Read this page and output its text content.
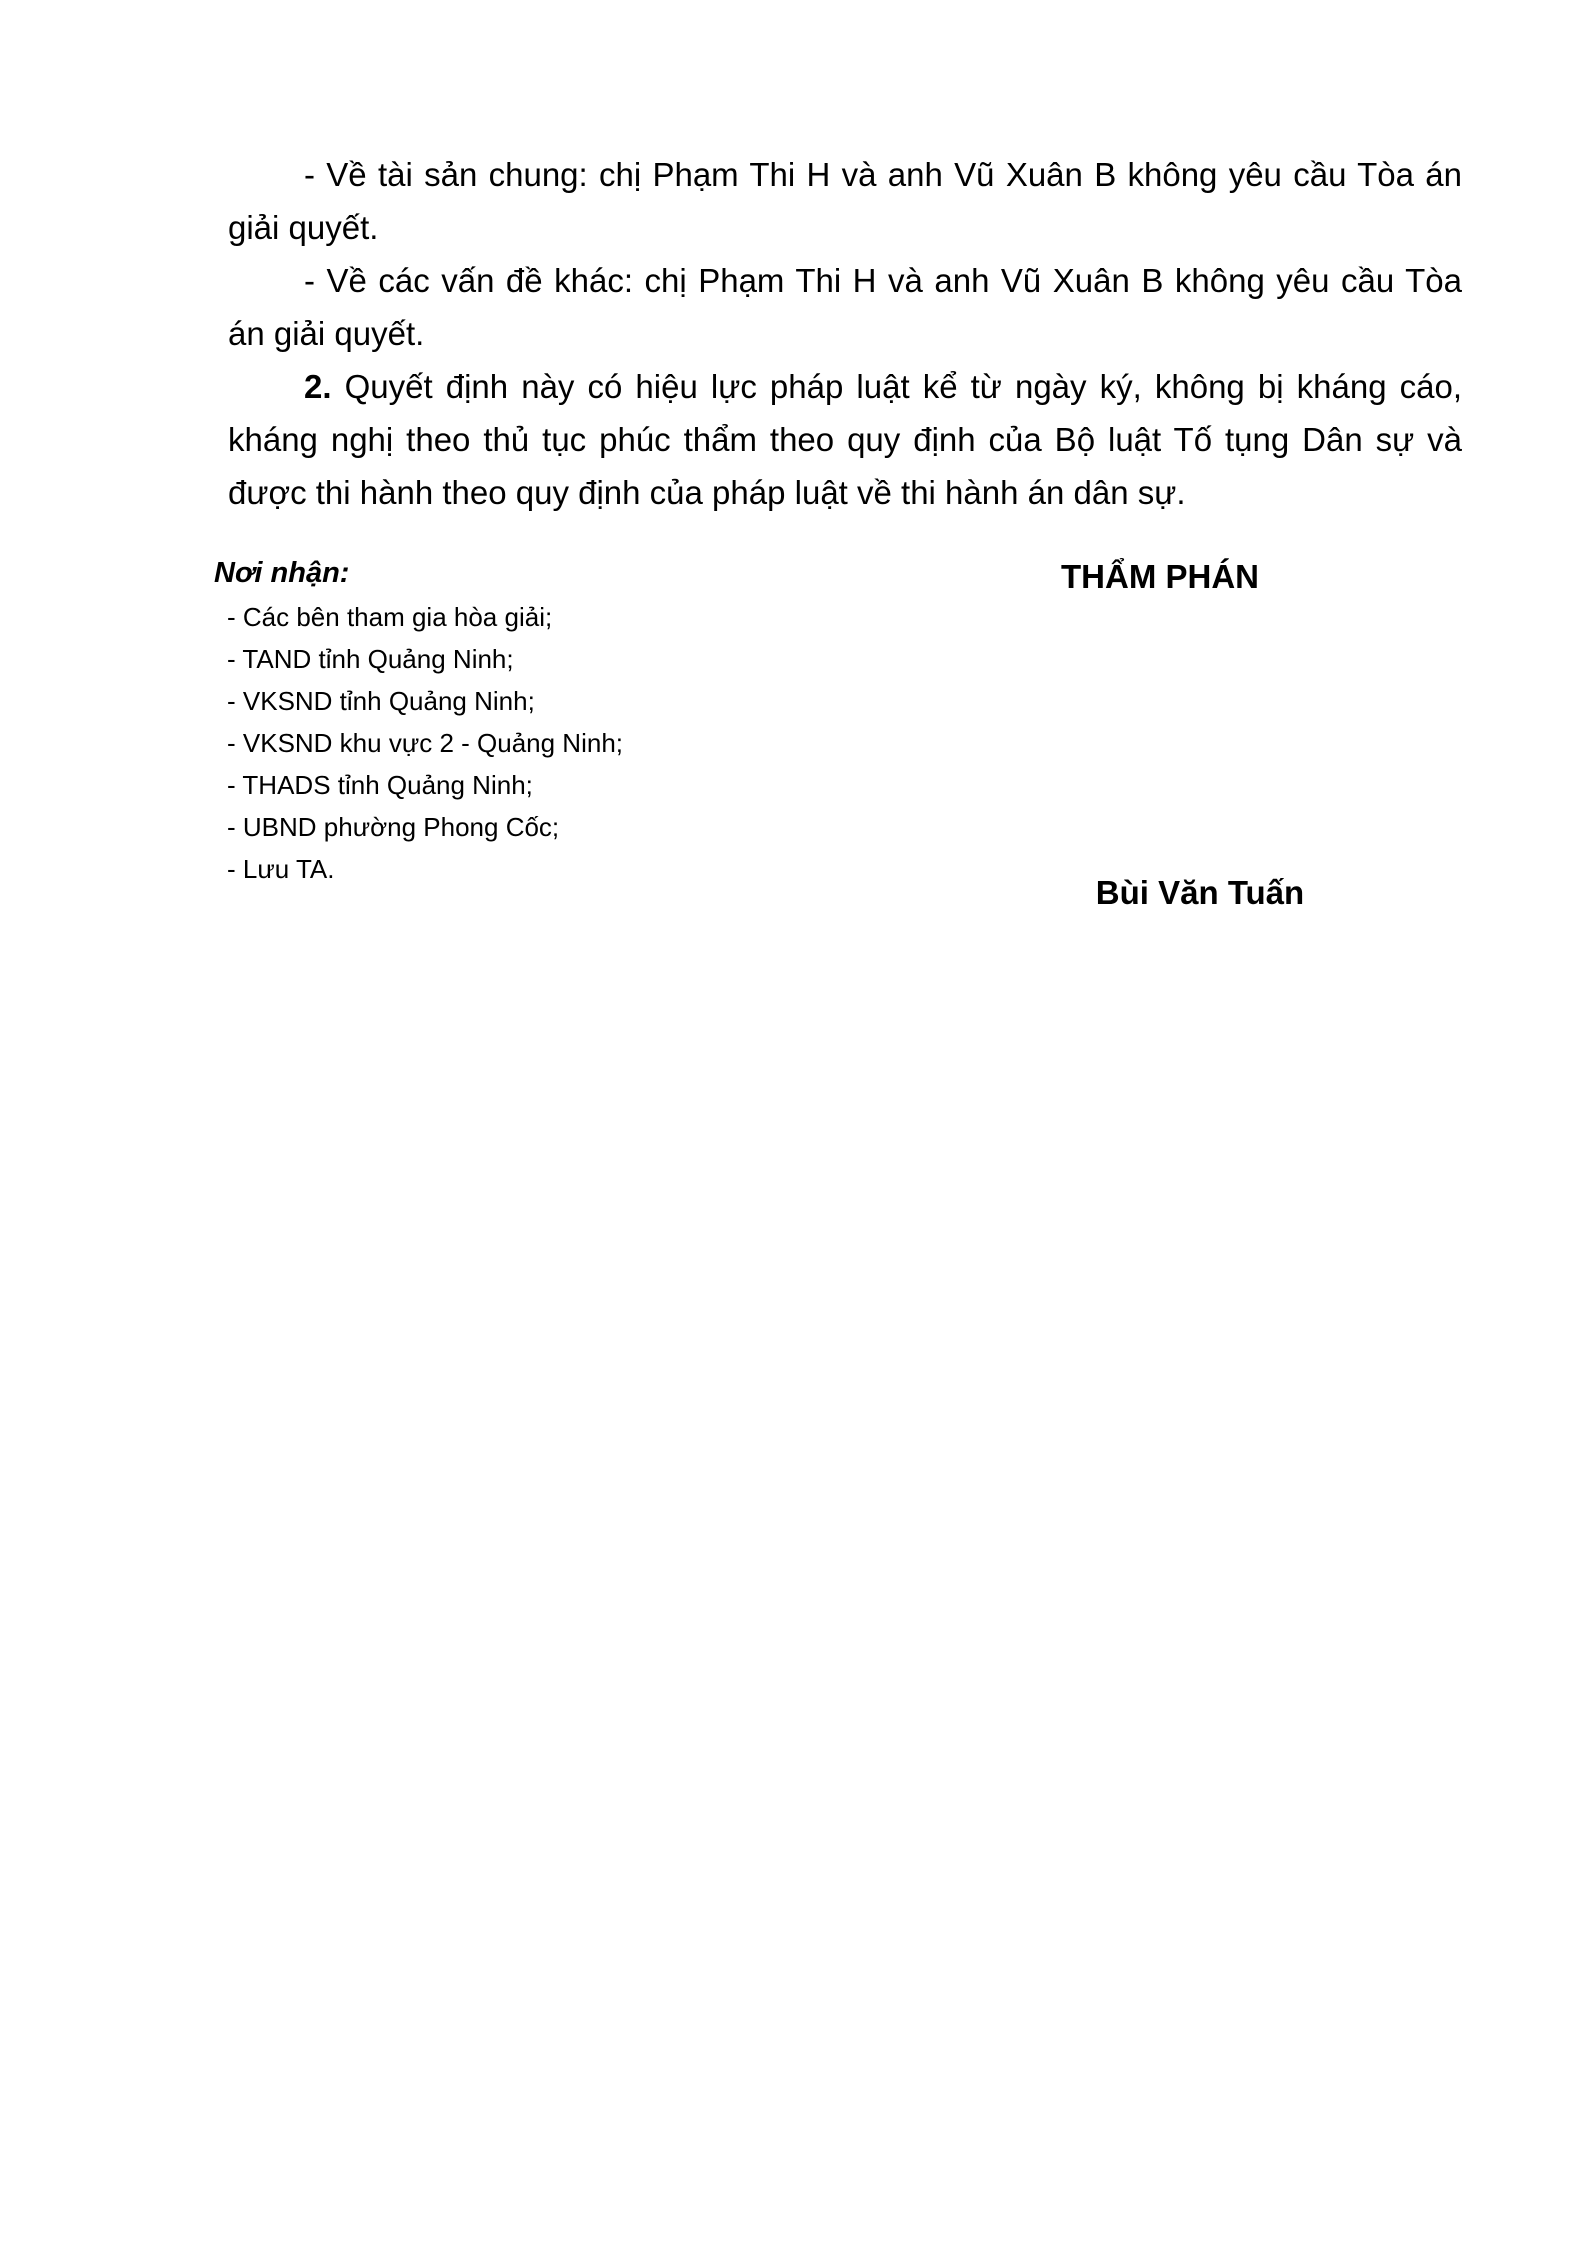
- Về tài sản chung: chị Phạm Thi H và anh Vũ Xuân B không yêu cầu Tòa án giải quyết.

- Về các vấn đề khác: chị Phạm Thi H và anh Vũ Xuân B không yêu cầu Tòa án giải quyết.

2. Quyết định này có hiệu lực pháp luật kể từ ngày ký, không bị kháng cáo, kháng nghị theo thủ tục phúc thẩm theo quy định của Bộ luật Tố tụng Dân sự và được thi hành theo quy định của pháp luật về thi hành án dân sự.

Nơi nhận:

- Các bên tham gia hòa giải;
- TAND tỉnh Quảng Ninh;
- VKSND tỉnh Quảng Ninh;
- VKSND khu vực 2 - Quảng Ninh;
- THADS tỉnh Quảng Ninh;
- UBND phường Phong Cốc;
- Lưu TA.
THẨM PHÁN
Bùi Văn Tuấn
